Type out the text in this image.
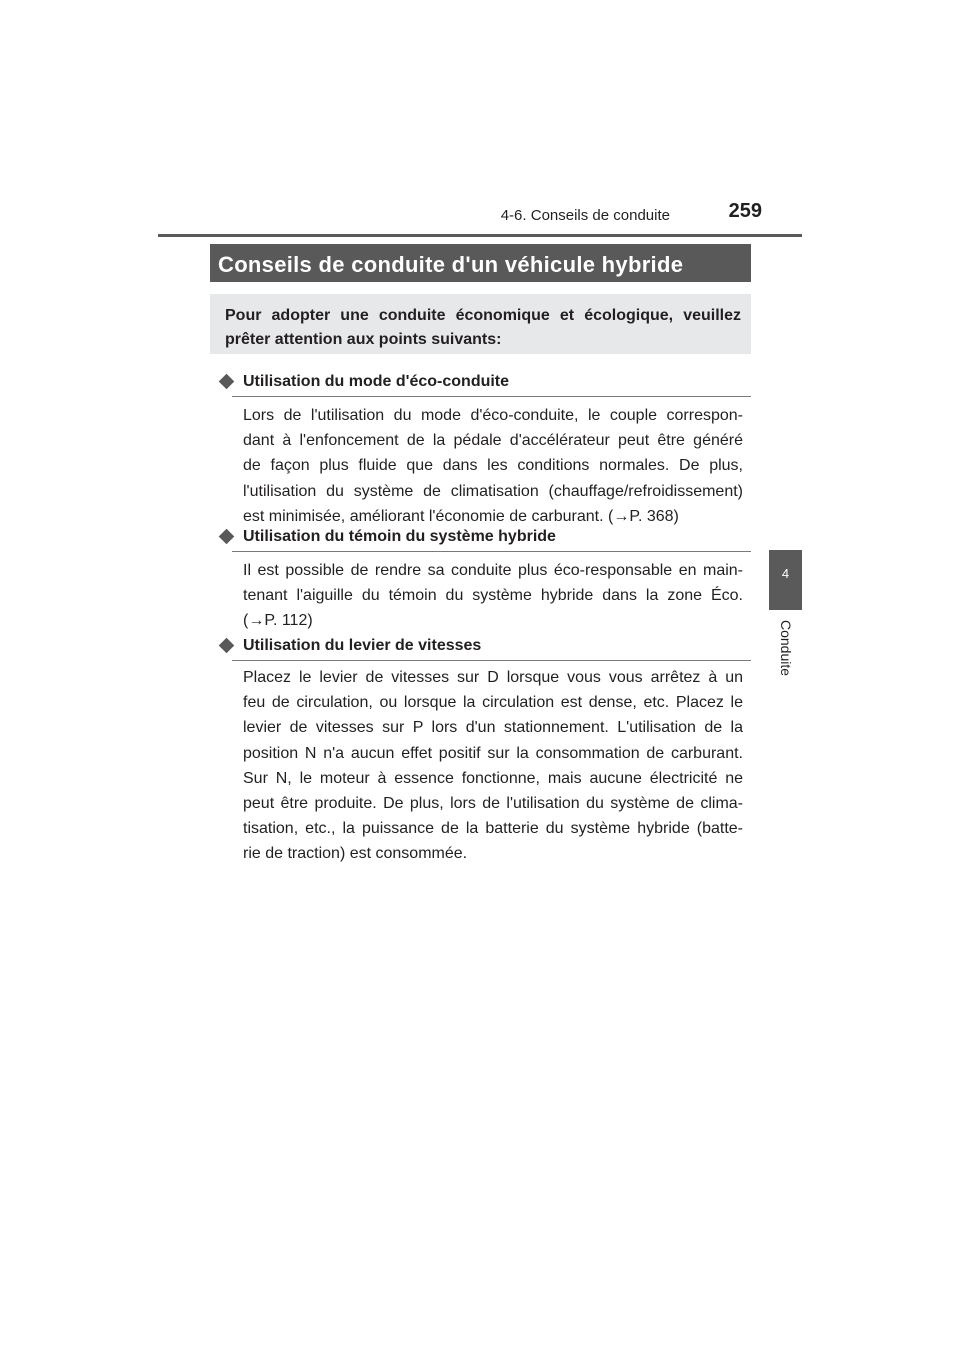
4-6. Conseils de conduite	259
4
Conduite
Conseils de conduite d'un véhicule hybride
Pour adopter une conduite économique et écologique, veuillez prêter attention aux points suivants:
Utilisation du mode d'éco-conduite
Lors de l'utilisation du mode d'éco-conduite, le couple correspon-
dant à l'enfoncement de la pédale d'accélérateur peut être généré
de façon plus fluide que dans les conditions normales. De plus,
l'utilisation du système de climatisation (chauffage/refroidissement)
est minimisée, améliorant l'économie de carburant. (→P. 368)
Utilisation du témoin du système hybride
Il est possible de rendre sa conduite plus éco-responsable en main-
tenant l'aiguille du témoin du système hybride dans la zone Éco.
(→P. 112)
Utilisation du levier de vitesses
Placez le levier de vitesses sur D lorsque vous vous arrêtez à un
feu de circulation, ou lorsque la circulation est dense, etc. Placez le
levier de vitesses sur P lors d'un stationnement. L'utilisation de la
position N n'a aucun effet positif sur la consommation de carburant.
Sur N, le moteur à essence fonctionne, mais aucune électricité ne
peut être produite. De plus, lors de l'utilisation du système de clima-
tisation, etc., la puissance de la batterie du système hybride (batte-
rie de traction) est consommée.
